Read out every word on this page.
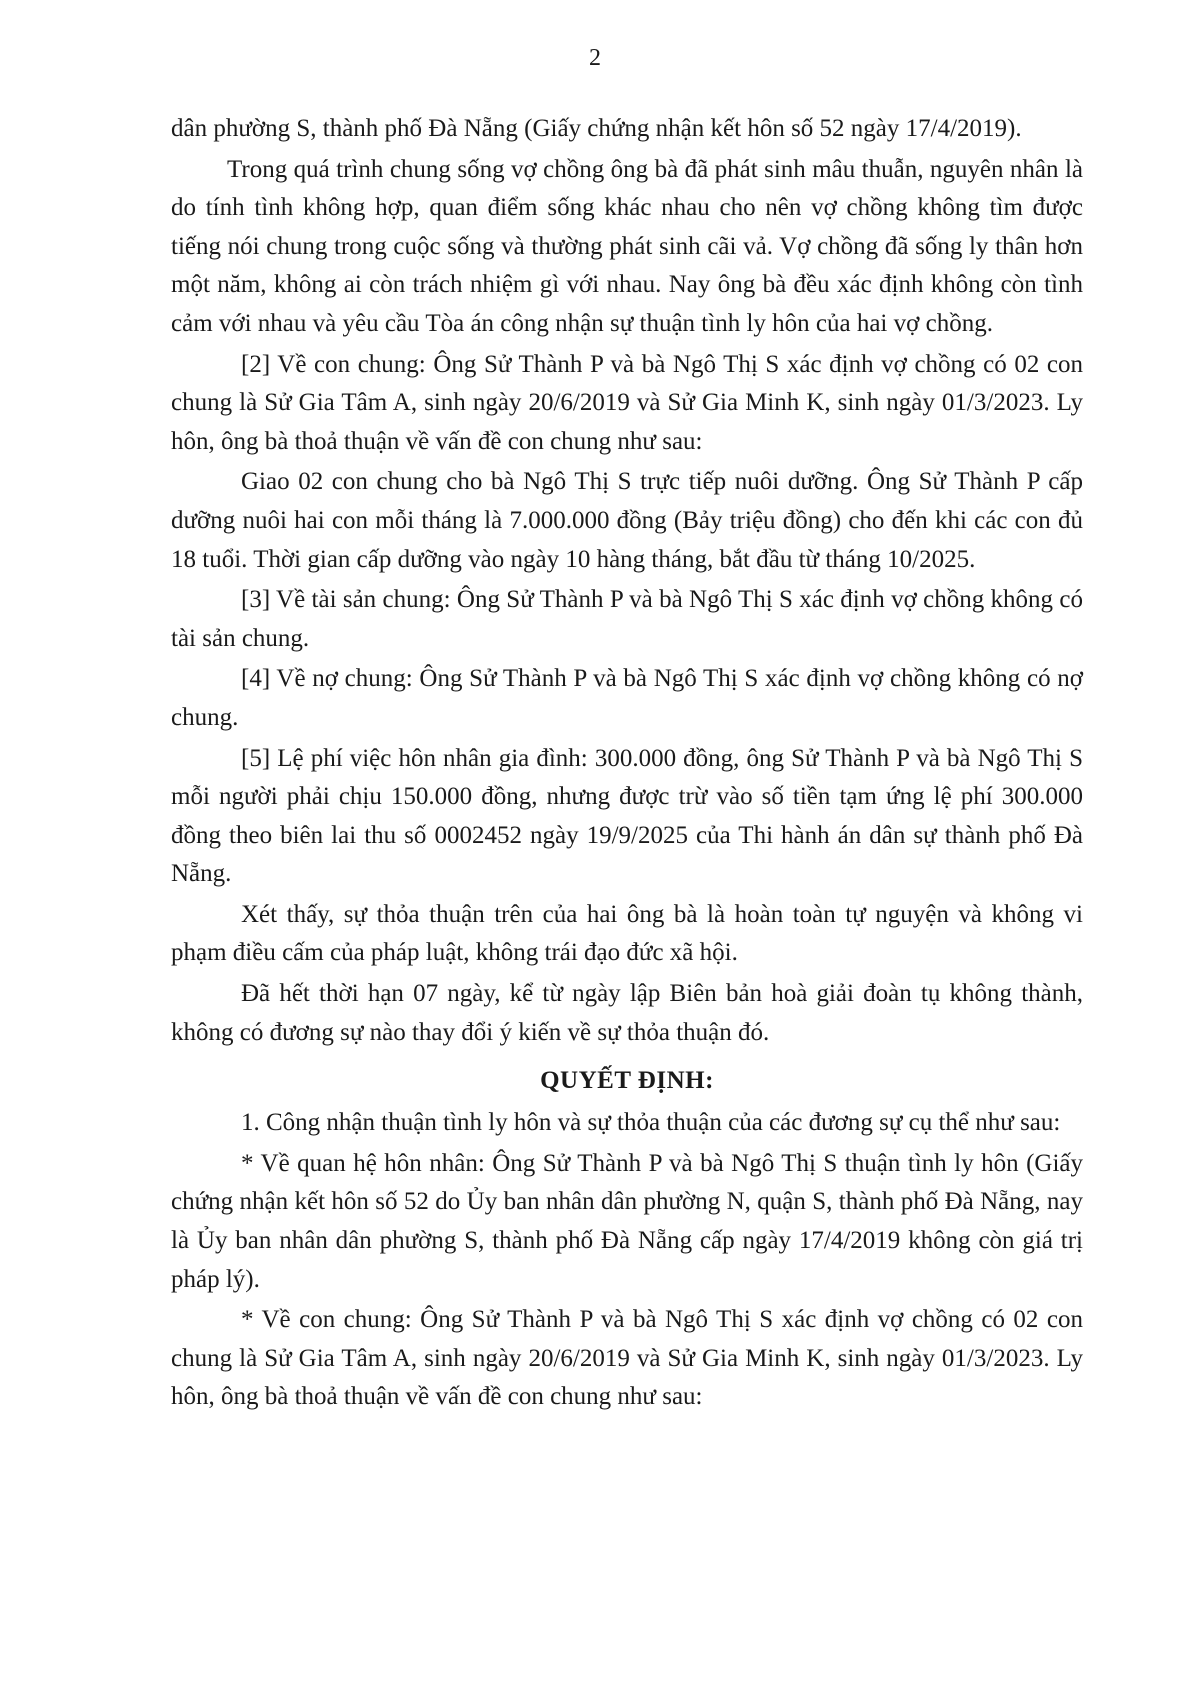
2

dân phường S, thành phố Đà Nẵng (Giấy chứng nhận kết hôn số 52 ngày 17/4/2019).

Trong quá trình chung sống vợ chồng ông bà đã phát sinh mâu thuẫn, nguyên nhân là do tính tình không hợp, quan điểm sống khác nhau cho nên vợ chồng không tìm được tiếng nói chung trong cuộc sống và thường phát sinh cãi vả. Vợ chồng đã sống ly thân hơn một năm, không ai còn trách nhiệm gì với nhau. Nay ông bà đều xác định không còn tình cảm với nhau và yêu cầu Tòa án công nhận sự thuận tình ly hôn của hai vợ chồng.

[2] Về con chung: Ông Sử Thành P và bà Ngô Thị S xác định vợ chồng có 02 con chung là Sử Gia Tâm A, sinh ngày 20/6/2019 và Sử Gia Minh K, sinh ngày 01/3/2023. Ly hôn, ông bà thoả thuận về vấn đề con chung như sau:

Giao 02 con chung cho bà Ngô Thị S trực tiếp nuôi dưỡng. Ông Sử Thành P cấp dưỡng nuôi hai con mỗi tháng là 7.000.000 đồng (Bảy triệu đồng) cho đến khi các con đủ 18 tuổi. Thời gian cấp dưỡng vào ngày 10 hàng tháng, bắt đầu từ tháng 10/2025.

[3] Về tài sản chung: Ông Sử Thành P và bà Ngô Thị S xác định vợ chồng không có tài sản chung.

[4] Về nợ chung: Ông Sử Thành P và bà Ngô Thị S xác định vợ chồng không có nợ chung.

[5] Lệ phí việc hôn nhân gia đình: 300.000 đồng, ông Sử Thành P và bà Ngô Thị S mỗi người phải chịu 150.000 đồng, nhưng được trừ vào số tiền tạm ứng lệ phí 300.000 đồng theo biên lai thu số 0002452 ngày 19/9/2025 của Thi hành án dân sự thành phố Đà Nẵng.

Xét thấy, sự thỏa thuận trên của hai ông bà là hoàn toàn tự nguyện và không vi phạm điều cấm của pháp luật, không trái đạo đức xã hội.

Đã hết thời hạn 07 ngày, kể từ ngày lập Biên bản hoà giải đoàn tụ không thành, không có đương sự nào thay đổi ý kiến về sự thỏa thuận đó.

QUYẾT ĐỊNH:

1. Công nhận thuận tình ly hôn và sự thỏa thuận của các đương sự cụ thể như sau:

* Về quan hệ hôn nhân: Ông Sử Thành P và bà Ngô Thị S thuận tình ly hôn (Giấy chứng nhận kết hôn số 52 do Ủy ban nhân dân phường N, quận S, thành phố Đà Nẵng, nay là Ủy ban nhân dân phường S, thành phố Đà Nẵng cấp ngày 17/4/2019 không còn giá trị pháp lý).

* Về con chung: Ông Sử Thành P và bà Ngô Thị S xác định vợ chồng có 02 con chung là Sử Gia Tâm A, sinh ngày 20/6/2019 và Sử Gia Minh K, sinh ngày 01/3/2023. Ly hôn, ông bà thoả thuận về vấn đề con chung như sau:
